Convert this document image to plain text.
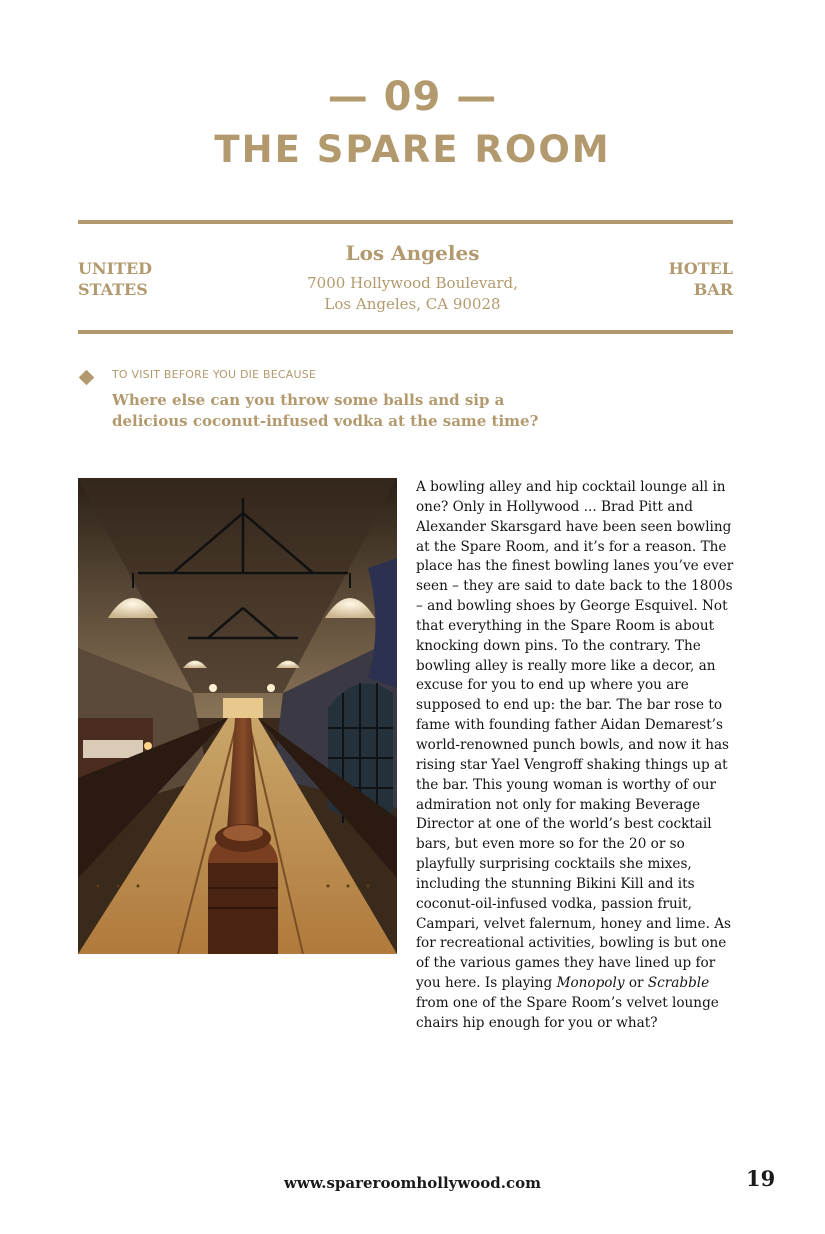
— 09 —
THE SPARE ROOM
UNITED
STATES
Los Angeles
7000 Hollywood Boulevard,
Los Angeles, CA 90028
HOTEL
BAR
TO VISIT BEFORE YOU DIE BECAUSE
Where else can you throw some balls and sip a delicious coconut-infused vodka at the same time?
A bowling alley and hip cocktail lounge all in one? Only in Hollywood ... Brad Pitt and Alexander Skarsgard have been seen bowling at the Spare Room, and it’s for a reason. The place has the finest bowling lanes you’ve ever seen – they are said to date back to the 1800s – and bowling shoes by George Esquivel. Not that everything in the Spare Room is about knocking down pins. To the contrary. The bowling alley is really more like a decor, an excuse for you to end up where you are supposed to end up: the bar. The bar rose to fame with founding father Aidan Demarest’s world-renowned punch bowls, and now it has rising star Yael Vengroff shaking things up at the bar. This young woman is worthy of our admiration not only for making Beverage Director at one of the world’s best cocktail bars, but even more so for the 20 or so playfully surprising cocktails she mixes, including the stunning Bikini Kill and its coconut-oil-infused vodka, passion fruit, Campari, velvet falernum, honey and lime. As for recreational activities, bowling is but one of the various games they have lined up for you here. Is playing Monopoly or Scrabble from one of the Spare Room’s velvet lounge chairs hip enough for you or what?
www.spareroomhollywood.com	19
